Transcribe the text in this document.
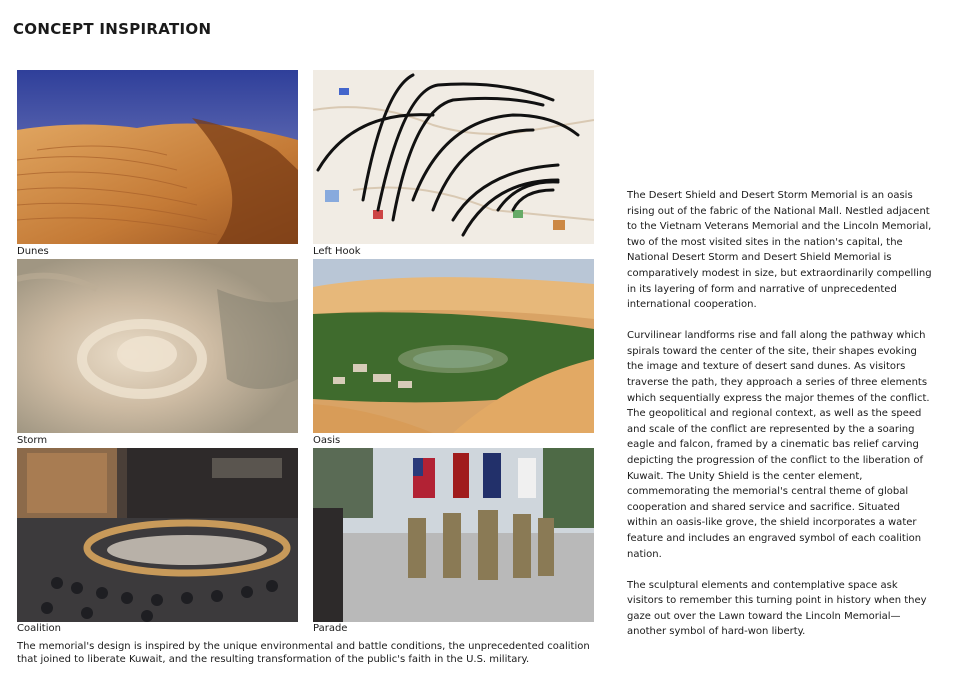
CONCEPT INSPIRATION
Dunes	Left Hook
Storm	Oasis
Coalition	Parade
The memorial's design is inspired by the unique environmental and battle conditions, the unprecedented coalition that joined to liberate Kuwait, and the resulting transformation of the public's faith in the U.S. military.

The Desert Shield and Desert Storm Memorial is an oasis rising out of the fabric of the National Mall. Nestled adjacent to the Vietnam Veterans Memorial and the Lincoln Memorial, two of the most visited sites in the nation's capital, the National Desert Storm and Desert Shield Memorial is comparatively modest in size, but extraordinarily compelling in its layering of form and narrative of unprecedented international cooperation.

Curvilinear landforms rise and fall along the pathway which spirals toward the center of the site, their shapes evoking the image and texture of desert sand dunes. As visitors traverse the path, they approach a series of three elements which sequentially express the major themes of the conflict. The geopolitical and regional context, as well as the speed and scale of the conflict are represented by the a soaring eagle and falcon, framed by a cinematic bas relief carving depicting the progression of the conflict to the liberation of Kuwait. The Unity Shield is the center element, commemorating the memorial's central theme of global cooperation and shared service and sacrifice. Situated within an oasis-like grove, the shield incorporates a water feature and includes an engraved symbol of each coalition nation.

The sculptural elements and contemplative space ask visitors to remember this turning point in history when they gaze out over the Lawn toward the Lincoln Memorial—another symbol of hard-won liberty.
